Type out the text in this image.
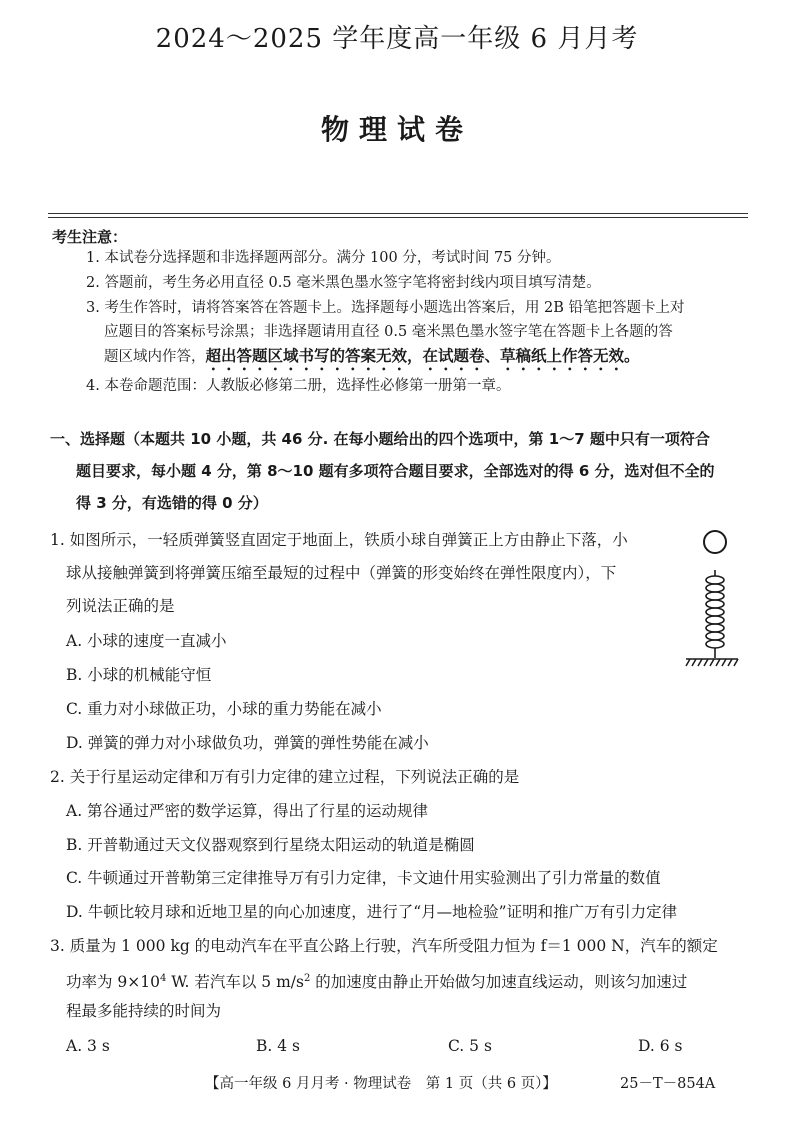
2024～2025 学年度高一年级 6 月月考
物理试卷
考生注意：
1. 本试卷分选择题和非选择题两部分。满分 100 分，考试时间 75 分钟。
2. 答题前，考生务必用直径 0.5 毫米黑色墨水签字笔将密封线内项目填写清楚。
3. 考生作答时，请将答案答在答题卡上。选择题每小题选出答案后，用 2B 铅笔把答题卡上对
应题目的答案标号涂黑；非选择题请用直径 0.5 毫米黑色墨水签字笔在答题卡上各题的答
题区域内作答，超出答题区域书写的答案无效，在试题卷、草稿纸上作答无效。
4. 本卷命题范围：人教版必修第二册，选择性必修第一册第一章。
一、选择题（本题共 10 小题，共 46 分. 在每小题给出的四个选项中，第 1～7 题中只有一项符合
题目要求，每小题 4 分，第 8～10 题有多项符合题目要求，全部选对的得 6 分，选对但不全的
得 3 分，有选错的得 0 分）
1. 如图所示，一轻质弹簧竖直固定于地面上，铁质小球自弹簧正上方由静止下落，小
球从接触弹簧到将弹簧压缩至最短的过程中（弹簧的形变始终在弹性限度内），下
列说法正确的是
A. 小球的速度一直减小
B. 小球的机械能守恒
C. 重力对小球做正功，小球的重力势能在减小
D. 弹簧的弹力对小球做负功，弹簧的弹性势能在减小
2. 关于行星运动定律和万有引力定律的建立过程，下列说法正确的是
A. 第谷通过严密的数学运算，得出了行星的运动规律
B. 开普勒通过天文仪器观察到行星绕太阳运动的轨道是椭圆
C. 牛顿通过开普勒第三定律推导万有引力定律，卡文迪什用实验测出了引力常量的数值
D. 牛顿比较月球和近地卫星的向心加速度，进行了“月—地检验”证明和推广万有引力定律
3. 质量为 1 000 kg 的电动汽车在平直公路上行驶，汽车所受阻力恒为 f＝1 000 N，汽车的额定
功率为 $9\times 10^4$ W. 若汽车以 5 $m/s^2$ 的加速度由静止开始做匀加速直线运动，则该匀加速过
程最多能持续的时间为
A. 3 s	B. 4 s	C. 5 s	D. 6 s
【高一年级 6 月月考 · 物理试卷　第 1 页（共 6 页）】	25－T－854A
